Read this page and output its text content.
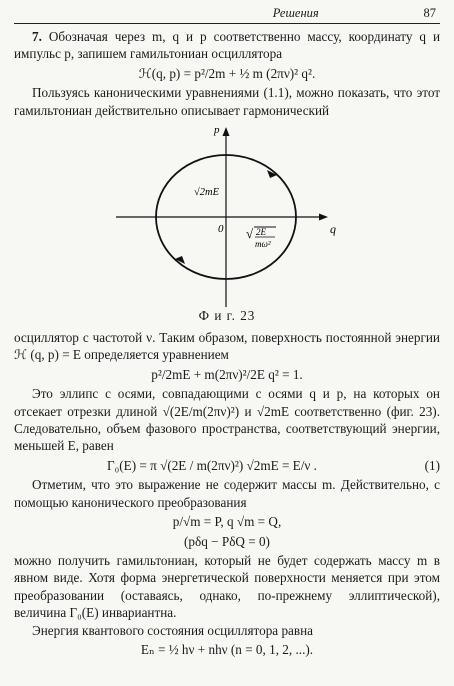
Решения	87

7. Обозначая через m, q и p соответственно массу, координату q и импульс p, запишем гамильтониан осциллятора

ℋ(q, p) = p²/2m + ½ m (2πν)² q².

Пользуясь каноническими уравнениями (1.1), можно показать, что этот гамильтониан действительно описывает гармонический

p
q
0
√2mE
√ 2E
mω²
Ф и г. 23

осциллятор с частотой ν. Таким образом, поверхность постоянной энергии ℋ (q, p) = E определяется уравнением

p²/2mE + m(2πν)²/2E q² = 1.

Это эллипс с осями, совпадающими с осями q и p, на которых он отсекает отрезки длиной √(2E/m(2πν)²) и √2mE соответственно (фиг. 23). Следовательно, объем фазового пространства, соответствующий энергии, меньшей E, равен

Γ₀(E) = π √(2E / m(2πν)²) √2mE = E/ν .	(1)

Отметим, что это выражение не содержит массы m. Действительно, с помощью канонического преобразования

p/√m = P, q √m = Q,

(pδq − PδQ = 0)

можно получить гамильтониан, который не будет содержать массу m в явном виде. Хотя форма энергетической поверхности меняется при этом преобразовании (оставаясь, однако, по-прежнему эллиптической), величина Γ₀(E) инвариантна.

Энергия квантового состояния осциллятора равна

Eₙ = ½ hν + nhν (n = 0, 1, 2, ...).
